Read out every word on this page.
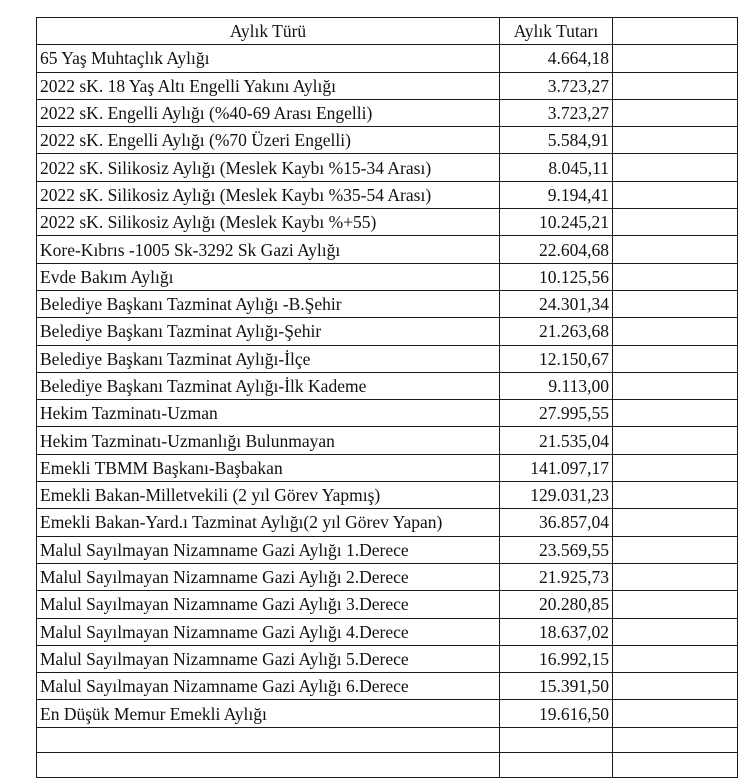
Aylık Türü	Aylık Tutarı	
65 Yaş Muhtaçlık Aylığı	4.664,18	
2022 sK. 18 Yaş Altı Engelli Yakını Aylığı	3.723,27	
2022 sK. Engelli Aylığı (%40-69 Arası Engelli)	3.723,27	
2022 sK. Engelli Aylığı (%70 Üzeri Engelli)	5.584,91	
2022 sK. Silikosiz Aylığı (Meslek Kaybı %15-34 Arası)	8.045,11	
2022 sK. Silikosiz Aylığı (Meslek Kaybı %35-54 Arası)	9.194,41	
2022 sK. Silikosiz Aylığı (Meslek Kaybı %+55)	10.245,21	
Kore-Kıbrıs -1005 Sk-3292 Sk Gazi Aylığı	22.604,68	
Evde Bakım Aylığı	10.125,56	
Belediye Başkanı Tazminat Aylığı -B.Şehir	24.301,34	
Belediye Başkanı Tazminat Aylığı-Şehir	21.263,68	
Belediye Başkanı Tazminat Aylığı-İlçe	12.150,67	
Belediye Başkanı Tazminat Aylığı-İlk Kademe	9.113,00	
Hekim Tazminatı-Uzman	27.995,55	
Hekim Tazminatı-Uzmanlığı Bulunmayan	21.535,04	
Emekli TBMM Başkanı-Başbakan	141.097,17	
Emekli Bakan-Milletvekili (2 yıl Görev Yapmış)	129.031,23	
Emekli Bakan-Yard.ı Tazminat Aylığı(2 yıl Görev Yapan)	36.857,04	
Malul Sayılmayan Nizamname Gazi Aylığı 1.Derece	23.569,55	
Malul Sayılmayan Nizamname Gazi Aylığı 2.Derece	21.925,73	
Malul Sayılmayan Nizamname Gazi Aylığı 3.Derece	20.280,85	
Malul Sayılmayan Nizamname Gazi Aylığı 4.Derece	18.637,02	
Malul Sayılmayan Nizamname Gazi Aylığı 5.Derece	16.992,15	
Malul Sayılmayan Nizamname Gazi Aylığı 6.Derece	15.391,50	
En Düşük Memur Emekli Aylığı	19.616,50	
